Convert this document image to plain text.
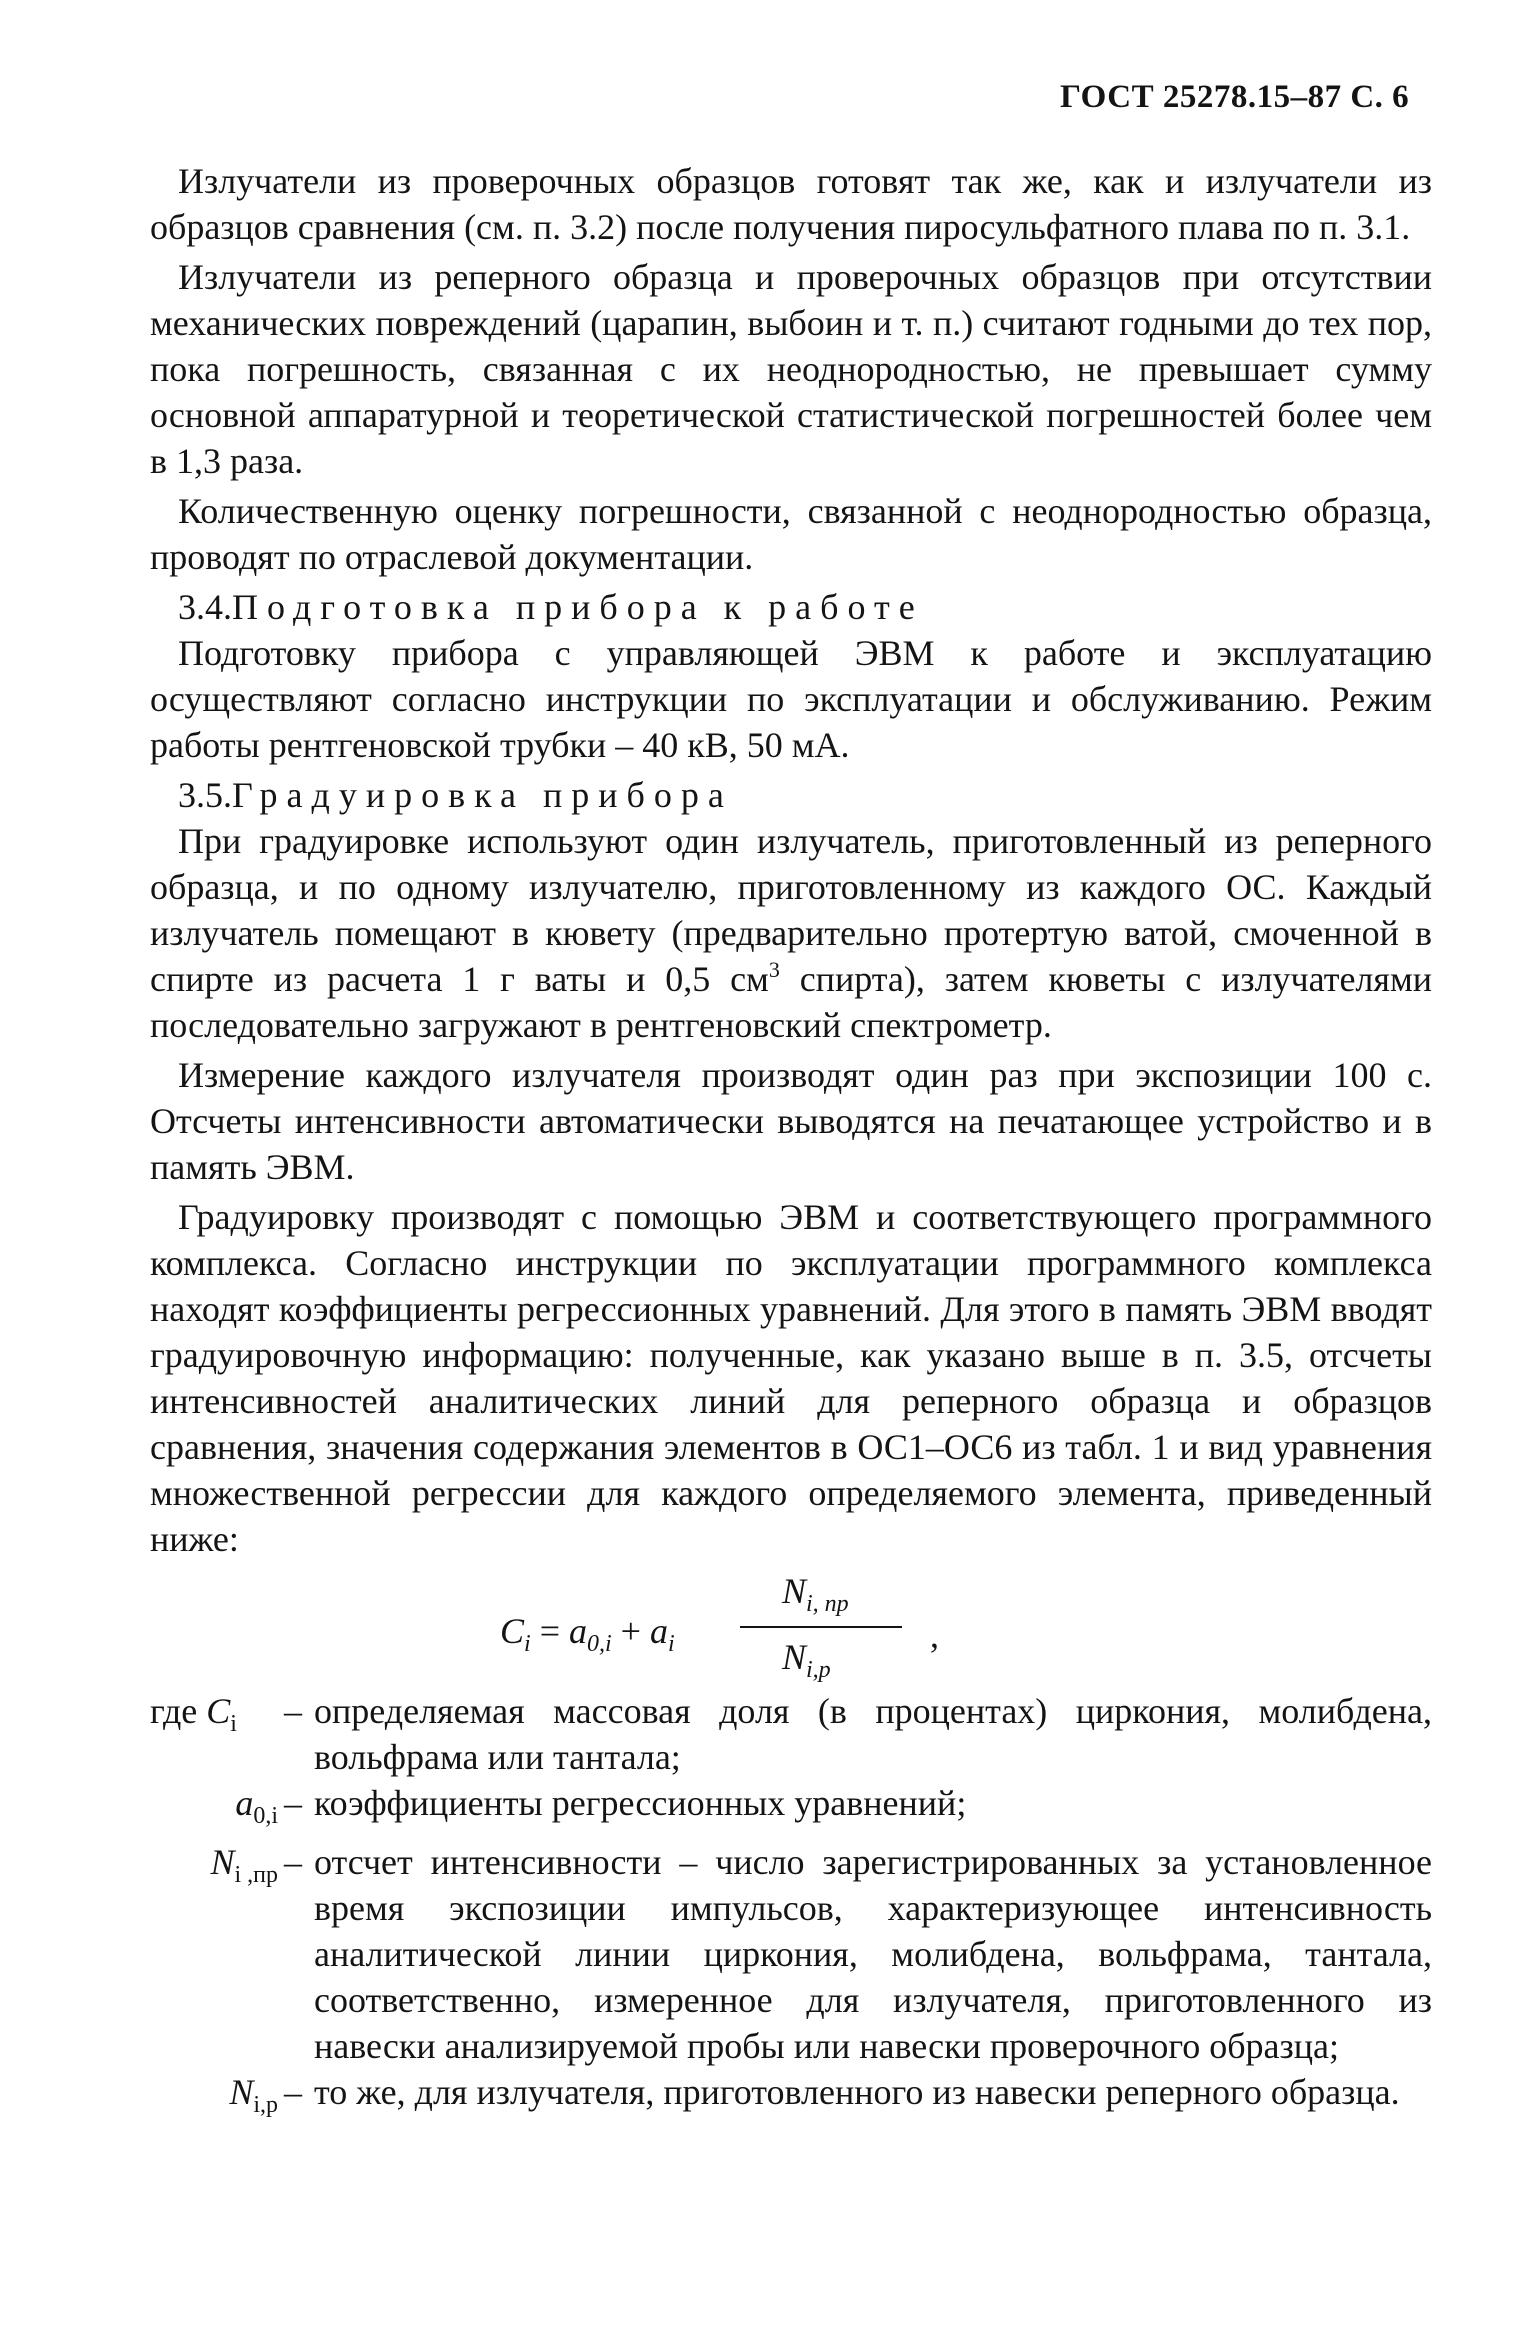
ГОСТ 25278.15–87 С. 6

Излучатели из проверочных образцов готовят так же, как и излучатели из образцов сравнения (см. п. 3.2) после получения пиросульфатного плава по п. 3.1.

Излучатели из реперного образца и проверочных образцов при отсутствии механических повреждений (царапин, выбоин и т. п.) считают годными до тех пор, пока погрешность, связанная с их неоднородностью, не превышает сумму основной аппаратурной и теоретической статистической погрешностей более чем в 1,3 раза.

Количественную оценку погрешности, связанной с неоднородностью образца, проводят по отраслевой документации.

3.4.Подготовка прибора к работе

Подготовку прибора с управляющей ЭВМ к работе и эксплуатацию осуществляют согласно инструкции по эксплуатации и обслуживанию. Режим работы рентгеновской трубки – 40 кВ, 50 мА.

3.5.Градуировка прибора

При градуировке используют один излучатель, приготовленный из реперного образца, и по одному излучателю, приготовленному из каждого ОС. Каждый излучатель помещают в кювету (предварительно протертую ватой, смоченной в спирте из расчета 1 г ваты и 0,5 $см^3$ спирта), затем кюветы с излучателями последовательно загружают в рентгеновский спектрометр.

Измерение каждого излучателя производят один раз при экспозиции 100 с. Отсчеты интенсивности автоматически выводятся на печатающее устройство и в память ЭВМ.

Градуировку производят с помощью ЭВМ и соответствующего программного комплекса. Согласно инструкции по эксплуатации программного комплекса находят коэффициенты регрессионных уравнений. Для этого в память ЭВМ вводят градуировочную информацию: полученные, как указано выше в п. 3.5, отсчеты интенсивностей аналитических линий для реперного образца и образцов сравнения, значения содержания элементов в ОС1–ОС6 из табл. 1 и вид уравнения множественной регрессии для каждого определяемого элемента, приведенный ниже:

$C_i = a_{0,i} + a_i$
$N_{i, пр}$
$N_{i,р}$
,
где $C_i$	– определяемая массовая доля (в процентах) циркония, молибдена, вольфрама или тантала;
$a_{0,i}$ – коэффициенты регрессионных уравнений;
$N_{i ,пр}$ – отсчет интенсивности – число зарегистрированных за установленное время экспозиции импульсов, характеризующее интенсивность аналитической линии циркония, молибдена, вольфрама, тантала, соответственно, измеренное для излучателя, приготовленного из навески анализируемой пробы или навески проверочного образца;
$N_{i,р}$ – то же, для излучателя, приготовленного из навески реперного образца.
